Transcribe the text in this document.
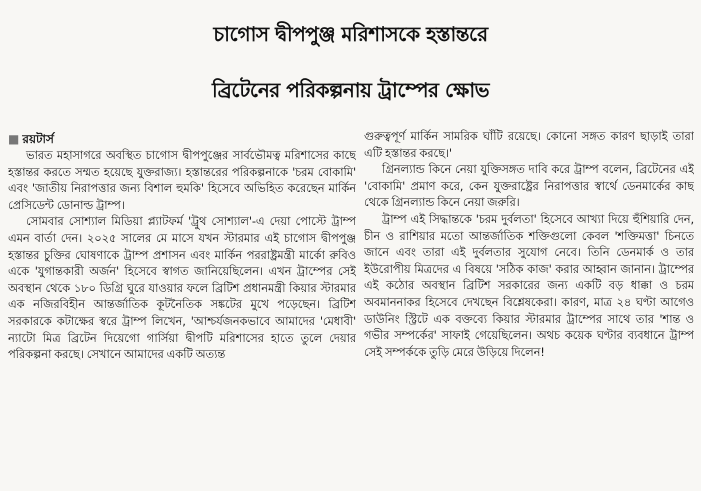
চাগোস দ্বীপপুঞ্জ মরিশাসকে হস্তান্তরে
ব্রিটেনের পরিকল্পনায় ট্রাম্পের ক্ষোভ
■ রয়টার্স

ভারত মহাসাগরে অবস্থিত চাগোস দ্বীপপুঞ্জের সার্বভৌমত্ব মরিশাসের কাছে হস্তান্তর করতে সম্মত হয়েছে যুক্তরাজ্য। হস্তান্তরের পরিকল্পনাকে 'চরম বোকামি' এবং 'জাতীয় নিরাপত্তার জন্য বিশাল হুমকি' হিসেবে অভিহিত করেছেন মার্কিন প্রেসিডেন্ট ডোনাল্ড ট্রাম্প।

সোমবার সোশ্যাল মিডিয়া প্ল্যাটফর্ম 'ট্রুথ সোশ্যাল'-এ দেয়া পোস্টে ট্রাম্প এমন বার্তা দেন। ২০২৫ সালের মে মাসে যখন স্টারমার এই চাগোস দ্বীপপুঞ্জ হস্তান্তর চুক্তির ঘোষণাকে ট্রাম্প প্রশাসন এবং মার্কিন পররাষ্ট্রমন্ত্রী মার্কো রুবিও একে 'যুগান্তকারী অর্জন' হিসেবে স্বাগত জানিয়েছিলেন। এখন ট্রাম্পের সেই অবস্থান থেকে ১৮০ ডিগ্রি ঘুরে যাওয়ার ফলে ব্রিটিশ প্রধানমন্ত্রী কিয়ার স্টারমার এক নজিরবিহীন আন্তর্জাতিক কূটনৈতিক সঙ্কটের মুখে পড়েছেন। ব্রিটিশ সরকারকে কটাক্ষের স্বরে ট্রাম্প লিখেন, 'আশ্চর্যজনকভাবে আমাদের 'মেধাবী' ন্যাটো মিত্র ব্রিটেন দিয়েগো গার্সিয়া দ্বীপটি মরিশাসের হাতে তুলে দেয়ার পরিকল্পনা করছে। সেখানে আমাদের একটি অত্যন্ত

গুরুত্বপূর্ণ মার্কিন সামরিক ঘাঁটি রয়েছে। কোনো সঙ্গত কারণ ছাড়াই তারা এটি হস্তান্তর করছে।'

গ্রিনল্যান্ড কিনে নেয়া যুক্তিসঙ্গত দাবি করে ট্রাম্প বলেন, ব্রিটেনের এই 'বোকামি' প্রমাণ করে, কেন যুক্তরাষ্ট্রের নিরাপত্তার স্বার্থে ডেনমার্কের কাছ থেকে গ্রিনল্যান্ড কিনে নেয়া জরুরি।

ট্রাম্প এই সিদ্ধান্তকে 'চরম দুর্বলতা' হিসেবে আখ্যা দিয়ে হুঁশিয়ারি দেন, চীন ও রাশিয়ার মতো আন্তর্জাতিক শক্তিগুলো কেবল 'শক্তিমত্তা' চিনতে জানে এবং তারা এই দুর্বলতার সুযোগ নেবে। তিনি ডেনমার্ক ও তার ইউরোপীয় মিত্রদের এ বিষয়ে 'সঠিক কাজ' করার আহ্বান জানান। ট্রাম্পের এই কঠোর অবস্থান ব্রিটিশ সরকারের জন্য একটি বড় ধাক্কা ও চরম অবমাননাকর হিসেবে দেখছেন বিশ্লেষকেরা। কারণ, মাত্র ২৪ ঘণ্টা আগেও ডাউনিং স্ট্রিটে এক বক্তব্যে কিয়ার স্টারমার ট্রাম্পের সাথে তার 'শান্ত ও গভীর সম্পর্কের' সাফাই গেয়েছিলেন। অথচ কয়েক ঘণ্টার ব্যবধানে ট্রাম্প সেই সম্পর্ককে তুড়ি মেরে উড়িয়ে দিলেন!
